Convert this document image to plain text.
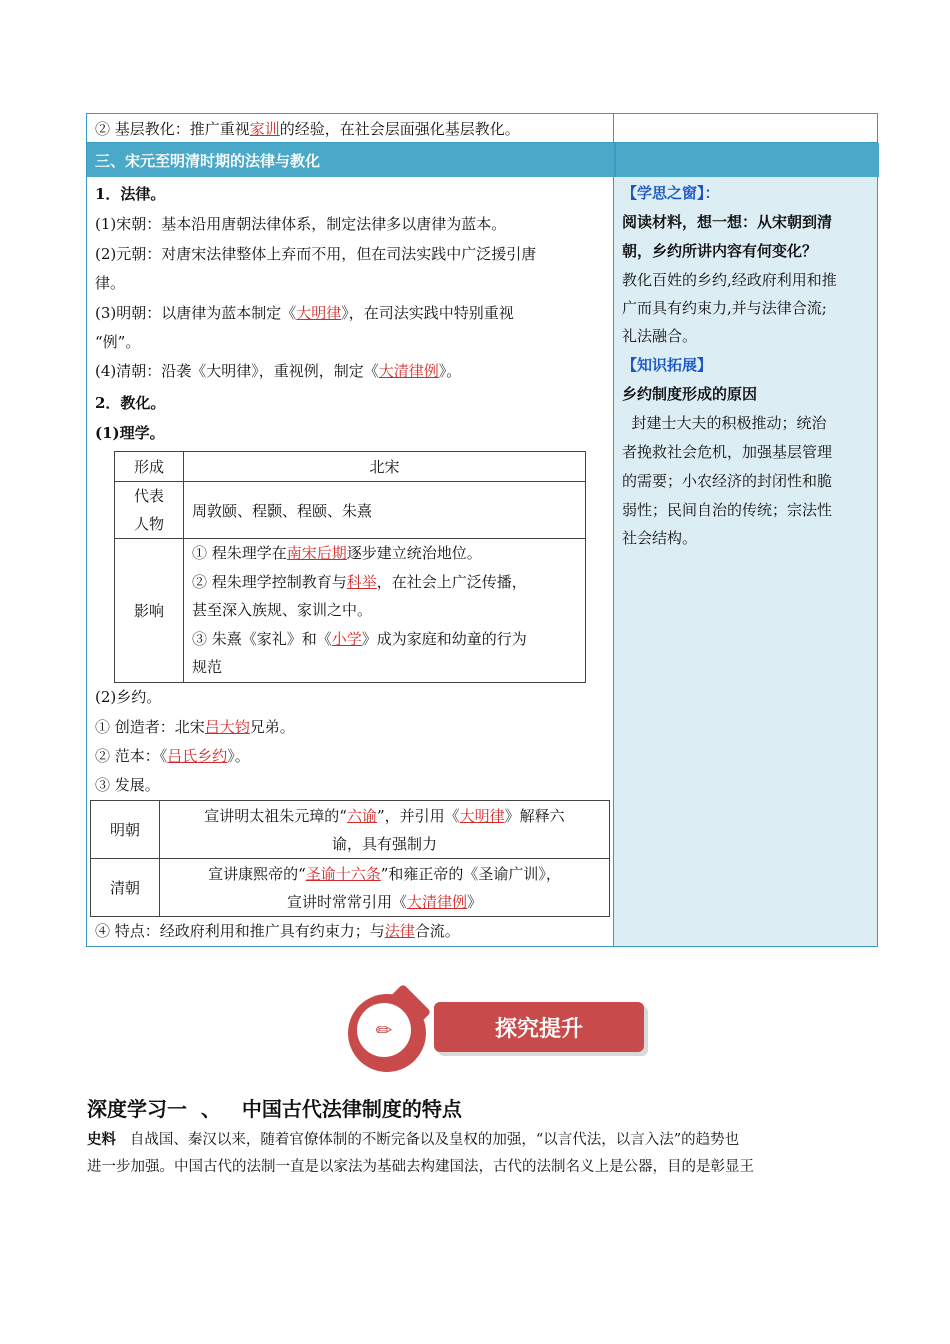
【学思之窗】：
阅读材料，想一想：从宋朝到清
朝，乡约所讲内容有何变化？
教化百姓的乡约,经政府利用和推
广而具有约束力,并与法律合流;
礼法融合。
【知识拓展】
乡约制度形成的原因
封建士大夫的积极推动；统治
者挽救社会危机，加强基层管理
的需要；小农经济的封闭性和脆
弱性；民间自治的传统；宗法性
社会结构。
② 基层教化：推广重视家训的经验，在社会层面强化基层教化。
1．法律。
(1)宋朝：基本沿用唐朝法律体系，制定法律多以唐律为蓝本。
(2)元朝：对唐宋法律整体上弃而不用，但在司法实践中广泛援引唐
律。
(3)明朝：以唐律为蓝本制定《大明律》，在司法实践中特别重视
“例”。
(4)清朝：沿袭《大明律》，重视例，制定《大清律例》。
2．教化。
(1)理学。
形成	北宋

代表
人物	周敦颐、程颢、程颐、朱熹
影响	① 程朱理学在南宋后期逐步建立统治地位。
② 程朱理学控制教育与科举，在社会上广泛传播，
甚至深入族规、家训之中。
③ 朱熹《家礼》和《小学》成为家庭和幼童的行为
规范
(2)乡约。
① 创造者：北宋吕大钧兄弟。
② 范本：《吕氏乡约》。
③ 发展。
明朝	宣讲明太祖朱元璋的“六谕”，并引用《大明律》解释六
谕，具有强制力

清朝	宣讲康熙帝的“圣谕十六条”和雍正帝的《圣谕广训》，
宣讲时常常引用《大清律例》
④ 特点：经政府利用和推广具有约束力；与法律合流。
三、宋元至明清时期的法律与教化
✏	探究提升
深度学习一  、   中国古代法律制度的特点
史料   自战国、秦汉以来，随着官僚体制的不断完备以及皇权的加强，“以言代法，以言入法”的趋势也
进一步加强。中国古代的法制一直是以家法为基础去构建国法，古代的法制名义上是公器，目的是彰显王
